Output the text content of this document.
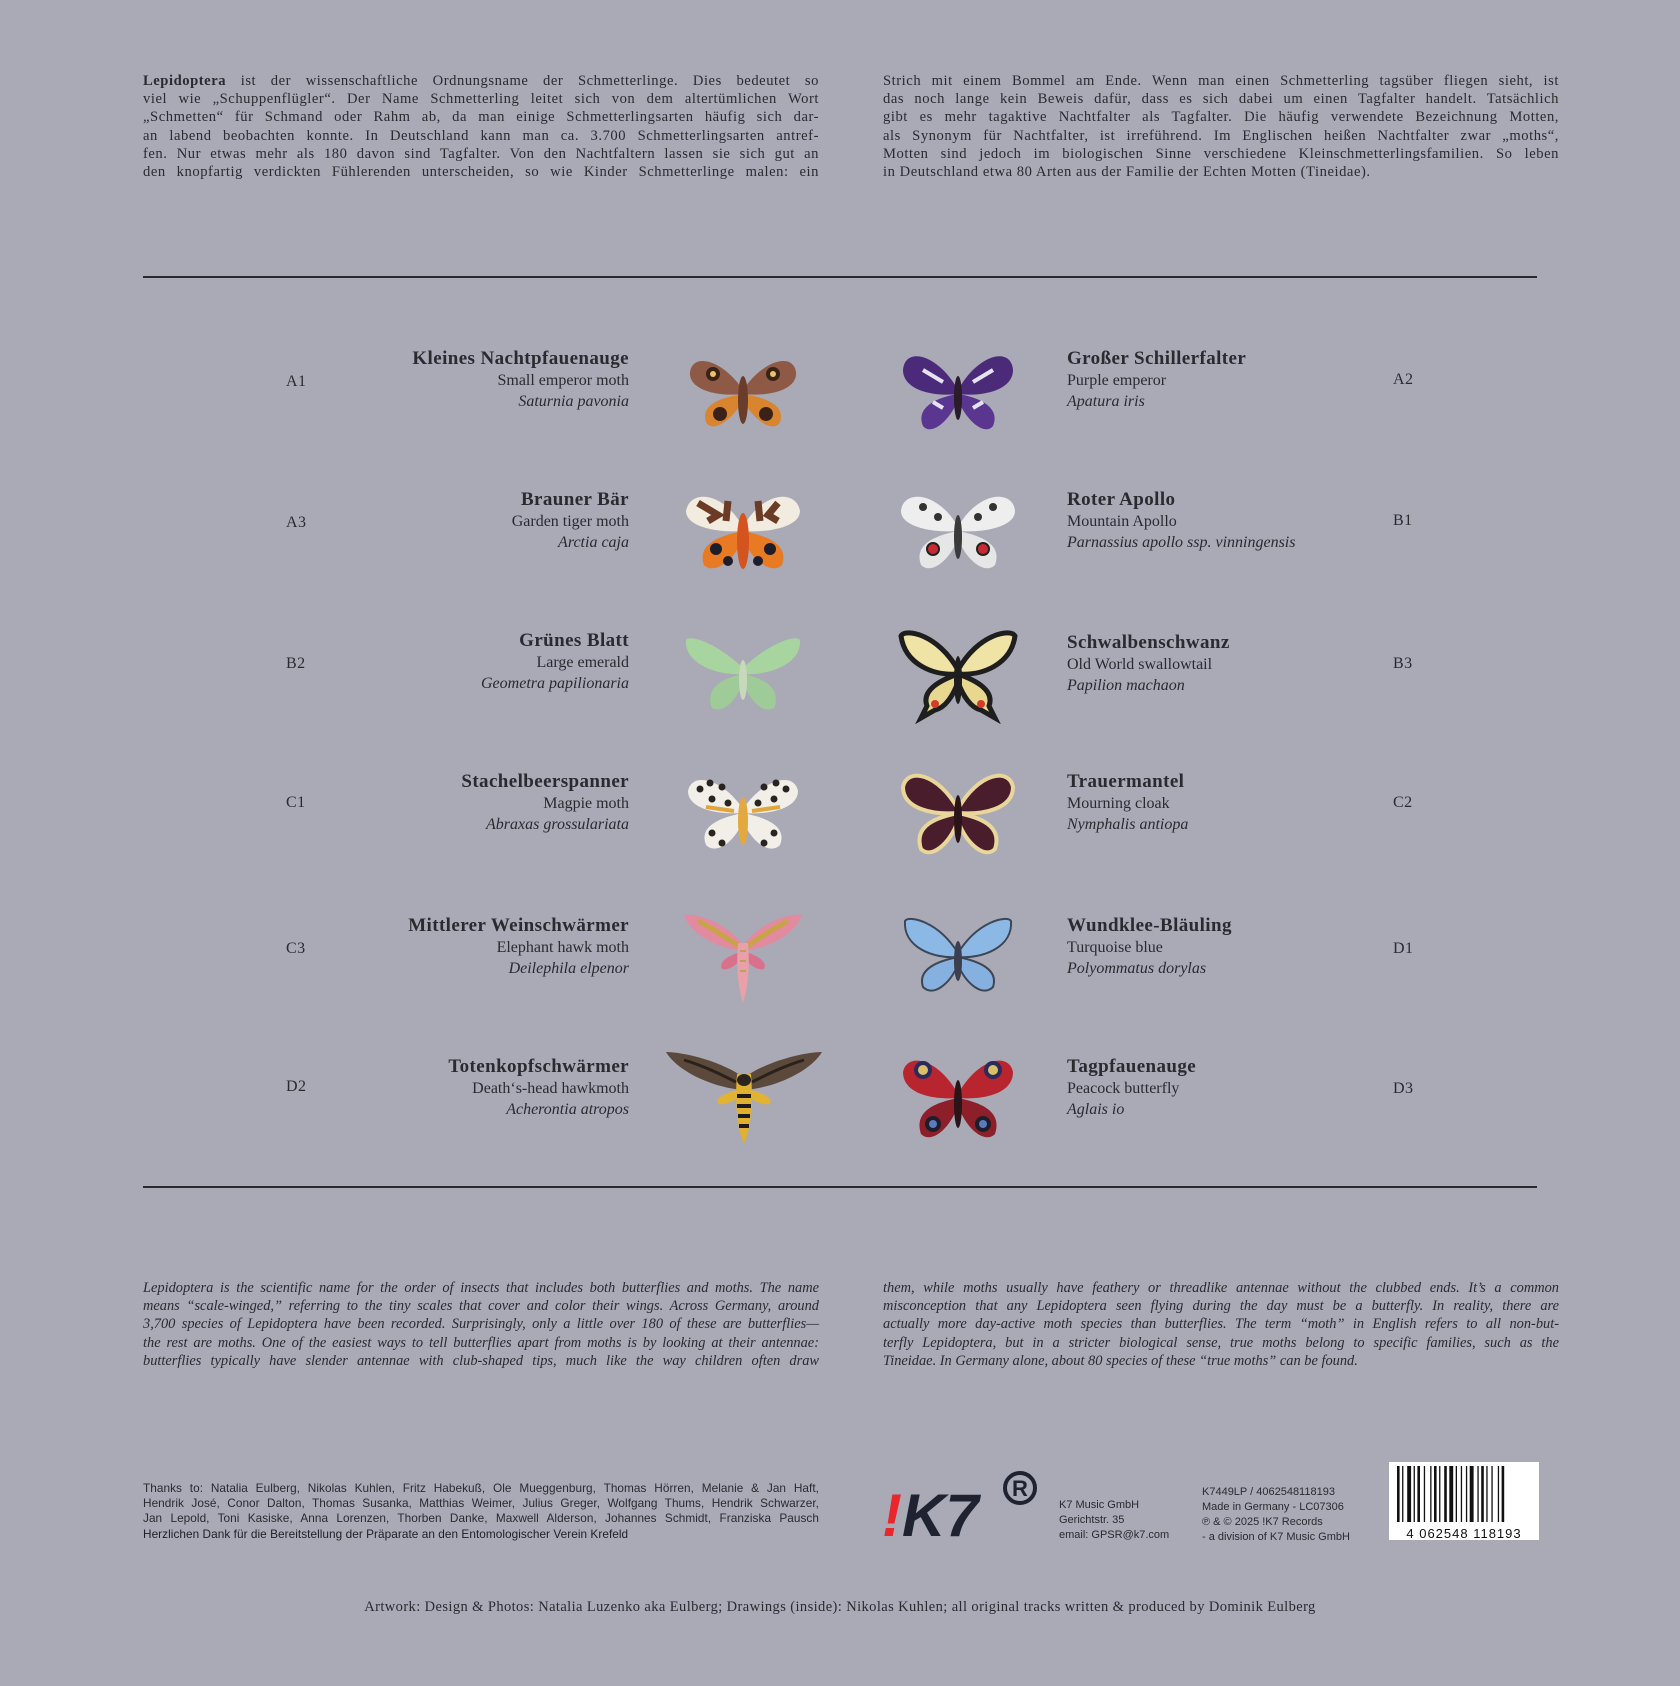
Lepidoptera ist der wissenschaftliche Ordnungsname der Schmetterlinge. Dies bedeutet so
viel wie „Schuppenflügler“. Der Name Schmetterling leitet sich von dem altertümlichen Wort
„Schmetten“ für Schmand oder Rahm ab, da man einige Schmetterlingsarten häufig sich dar-
an labend beobachten konnte. In Deutschland kann man ca. 3.700 Schmetterlingsarten antref-
fen. Nur etwas mehr als 180 davon sind Tagfalter. Von den Nachtfaltern lassen sie sich gut an
den knopfartig verdickten Fühlerenden unterscheiden, so wie Kinder Schmetterlinge malen: ein
Strich mit einem Bommel am Ende. Wenn man einen Schmetterling tagsüber fliegen sieht, ist
das noch lange kein Beweis dafür, dass es sich dabei um einen Tagfalter handelt. Tatsächlich
gibt es mehr tagaktive Nachtfalter als Tagfalter. Die häufig verwendete Bezeichnung Motten,
als Synonym für Nachtfalter, ist irreführend. Im Englischen heißen Nachtfalter zwar „moths“,
Motten sind jedoch im biologischen Sinne verschiedene Kleinschmetterlingsfamilien. So leben
in Deutschland etwa 80 Arten aus der Familie der Echten Motten (Tineidae).
A1
Kleines Nachtpfauenauge
Small emperor moth
Saturnia pavonia
Großer Schillerfalter
Purple emperor
Apatura iris
A2
A3
Brauner Bär
Garden tiger moth
Arctia caja
Roter Apollo
Mountain Apollo
Parnassius apollo ssp. vinningensis
B1
B2
Grünes Blatt
Large emerald
Geometra papilionaria
Schwalbenschwanz
Old World swallowtail
Papilion machaon
B3
C1
Stachelbeerspanner
Magpie moth
Abraxas grossulariata
Trauermantel
Mourning cloak
Nymphalis antiopa
C2
C3
Mittlerer Weinschwärmer
Elephant hawk moth
Deilephila elpenor
Wundklee-Bläuling
Turquoise blue
Polyommatus dorylas
D1
D2
Totenkopfschwärmer
Death‘s-head hawkmoth
Acherontia atropos
Tagpfauenauge
Peacock butterfly
Aglais io
D3
Lepidoptera is the scientific name for the order of insects that includes both butterflies and moths. The name
means “scale-winged,” referring to the tiny scales that cover and color their wings. Across Germany, around
3,700 species of Lepidoptera have been recorded. Surprisingly, only a little over 180 of these are butterflies—
the rest are moths. One of the easiest ways to tell butterflies apart from moths is by looking at their antennae:
butterflies typically have slender antennae with club-shaped tips, much like the way children often draw
them, while moths usually have feathery or threadlike antennae without the clubbed ends. It’s a common
misconception that any Lepidoptera seen flying during the day must be a butterfly. In reality, there are
actually more day-active moth species than butterflies. The term “moth” in English refers to all non-but-
terfly Lepidoptera, but in a stricter biological sense, true moths belong to specific families, such as the
Tineidae. In Germany alone, about 80 species of these “true moths” can be found.
Thanks to: Natalia Eulberg, Nikolas Kuhlen, Fritz Habekuß, Ole Mueggenburg, Thomas Hörren, Melanie & Jan Haft,
Hendrik José, Conor Dalton, Thomas Susanka, Matthias Weimer, Julius Greger, Wolfgang Thums, Hendrik Schwarzer,
Jan Lepold, Toni Kasiske, Anna Lorenzen, Thorben Danke, Maxwell Alderson, Johannes Schmidt, Franziska Pausch
Herzlichen Dank für die Bereitstellung der Präparate an den Entomologischer Verein Krefeld	! K7 R
K7 Music GmbH
Gerichtstr. 35
email: GPSR@k7.com
K7449LP / 4062548118193
Made in Germany - LC07306
℗ & © 2025 !K7 Records
- a division of K7 Music GmbH	4 062548 118193
Artwork: Design & Photos: Natalia Luzenko aka Eulberg; Drawings (inside): Nikolas Kuhlen; all original tracks written & produced by Dominik Eulberg
